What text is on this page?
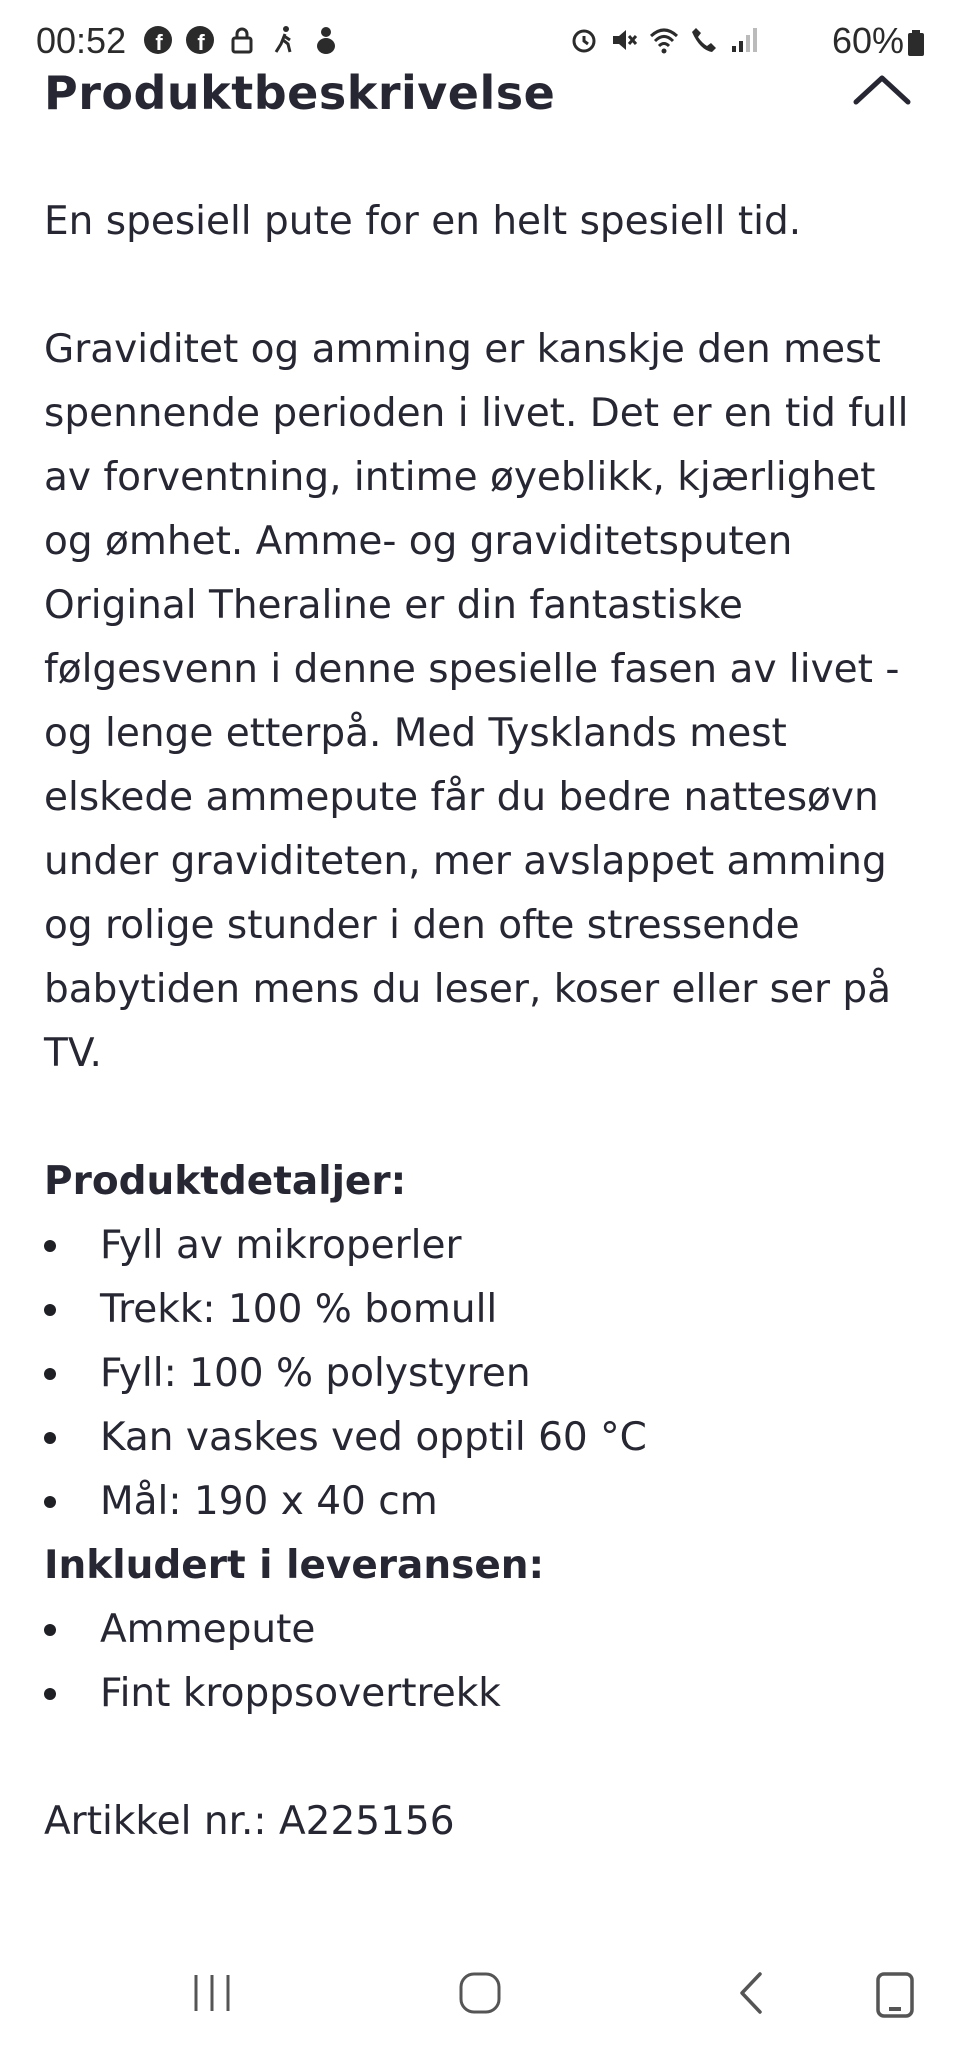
00:52 f f	60%
Produktbeskrivelse

En spesiell pute for en helt spesiell tid.

Graviditet og amming er kanskje den mest spennende perioden i livet. Det er en tid full av forventning, intime øyeblikk, kjærlighet og ømhet. Amme- og graviditetsputen Original Theraline er din fantastiske følgesvenn i denne spesielle fasen av livet - og lenge etterpå. Med Tysklands mest elskede ammepute får du bedre nattesøvn under graviditeten, mer avslappet amming og rolige stunder i den ofte stressende babytiden mens du leser, koser eller ser på TV.

Produktdetaljer:

Fyll av mikroperler
Trekk: 100 % bomull
Fyll: 100 % polystyren
Kan vaskes ved opptil 60 °C
Mål: 190 x 40 cm

Inkludert i leveransen:

Ammepute
Fint kroppsovertrekk

Artikkel nr.: A225156
